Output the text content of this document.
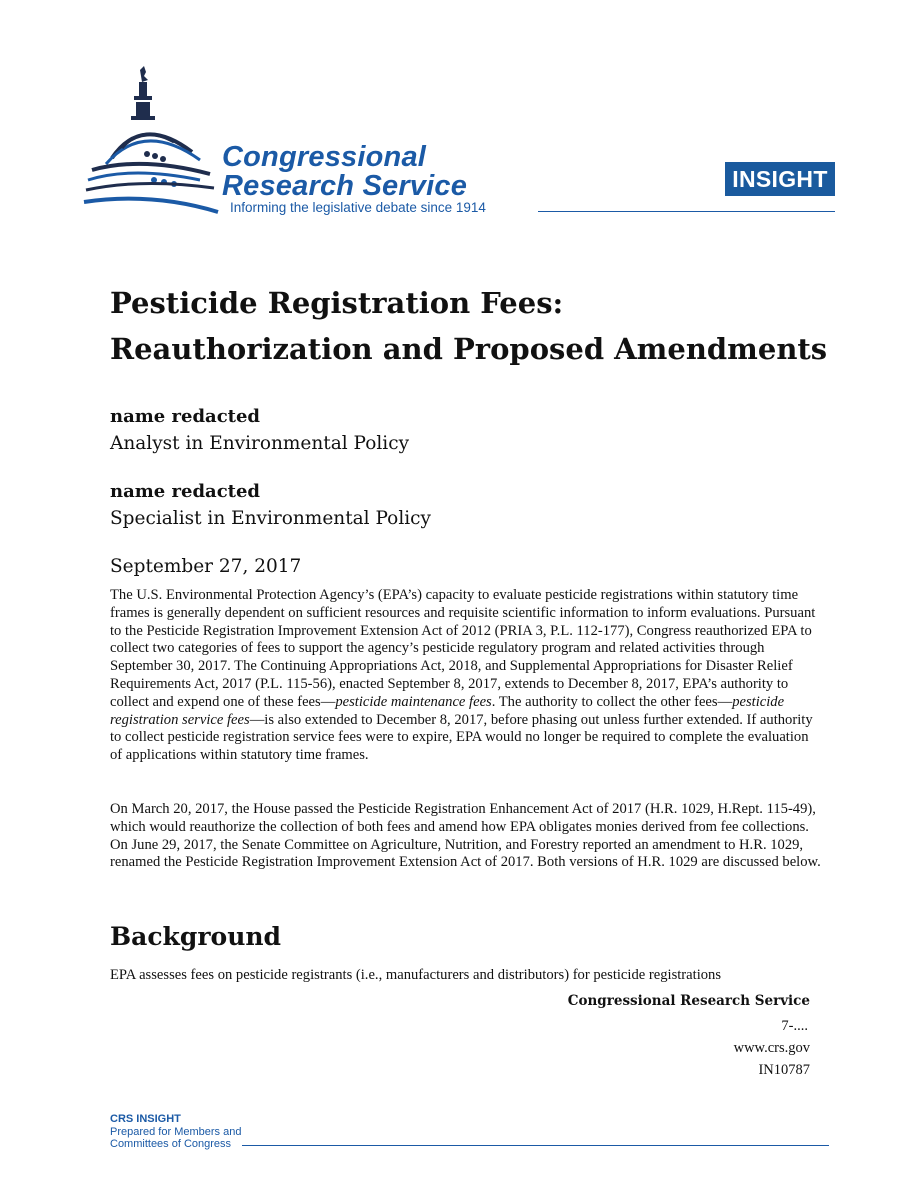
Congressional
Research Service
Informing the legislative debate since 1914
INSIGHT
Pesticide Registration Fees: Reauthorization and Proposed Amendments
name redacted
Analyst in Environmental Policy
name redacted
Specialist in Environmental Policy
September 27, 2017

The U.S. Environmental Protection Agency’s (EPA’s) capacity to evaluate pesticide registrations within statutory time frames is generally dependent on sufficient resources and requisite scientific information to inform evaluations. Pursuant to the Pesticide Registration Improvement Extension Act of 2012 (PRIA 3, P.L. 112-177), Congress reauthorized EPA to collect two categories of fees to support the agency’s pesticide regulatory program and related activities through September 30, 2017. The Continuing Appropriations Act, 2018, and Supplemental Appropriations for Disaster Relief Requirements Act, 2017 (P.L. 115-56), enacted September 8, 2017, extends to December 8, 2017, EPA’s authority to collect and expend one of these fees—pesticide maintenance fees. The authority to collect the other fees—pesticide registration service fees—is also extended to December 8, 2017, before phasing out unless further extended. If authority to collect pesticide registration service fees were to expire, EPA would no longer be required to complete the evaluation of applications within statutory time frames.

On March 20, 2017, the House passed the Pesticide Registration Enhancement Act of 2017 (H.R. 1029, H.Rept. 115-49), which would reauthorize the collection of both fees and amend how EPA obligates monies derived from fee collections. On June 29, 2017, the Senate Committee on Agriculture, Nutrition, and Forestry reported an amendment to H.R. 1029, renamed the Pesticide Registration Improvement Extension Act of 2017. Both versions of H.R. 1029 are discussed below.

Background

EPA assesses fees on pesticide registrants (i.e., manufacturers and distributors) for pesticide registrations

Congressional Research Service
7-....
www.crs.gov
IN10787
CRS INSIGHT
Prepared for Members and
Committees of Congress
